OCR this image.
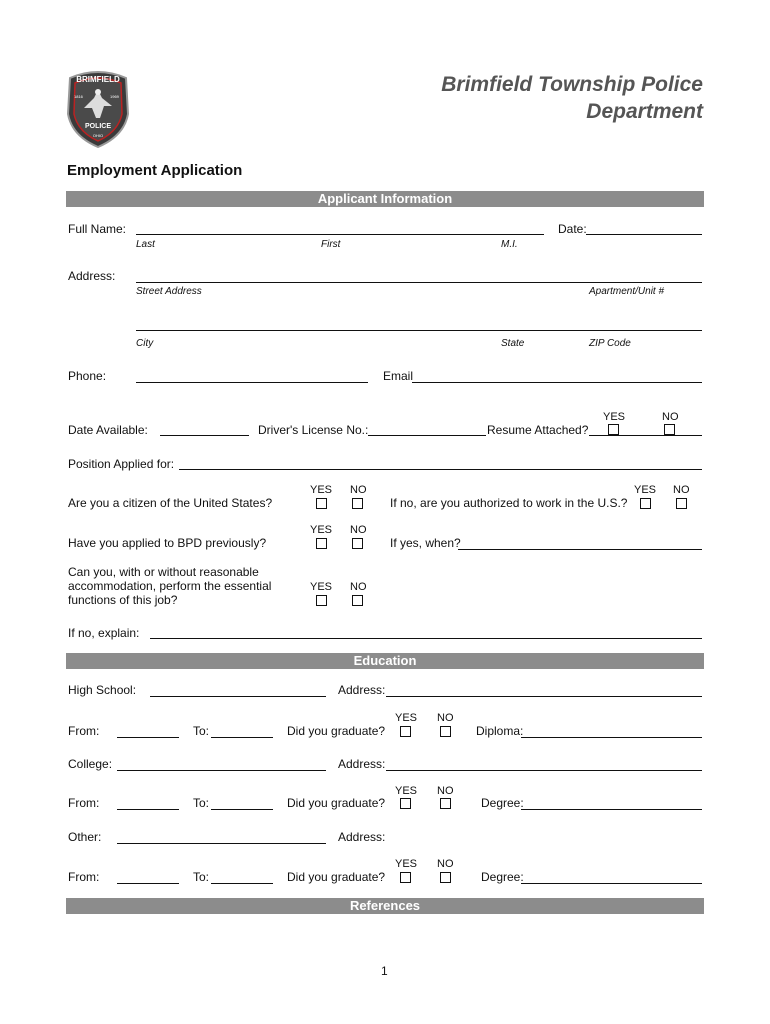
BRIMFIELD
1816	1969
POLICE
OHIO
Brimfield Township Police
Department
Employment Application
Applicant Information
Full Name:	Date:
Last	First	M.I.
Address:
Street Address	Apartment/Unit #
City	State	ZIP Code
Phone:	Email
YES	NO
Date Available:	Driver's License No.:	Resume Attached?
Position Applied for:
YES NO	YES NO
Are you a citizen of the United States?	If no, are you authorized to work in the U.S.?
YES NO
Have you applied to BPD previously?	If yes, when?
Can you, with or without reasonable
accommodation, perform the essential
functions of this job?
YES NO
If no, explain:
Education
High School:	Address:
YES NO
From:	To:	Did you graduate?	Diploma:
College:	Address:
YES NO
From:	To:	Did you graduate?	Degree:
Other:	Address:
YES NO
From:	To:	Did you graduate?	Degree:
References
1
